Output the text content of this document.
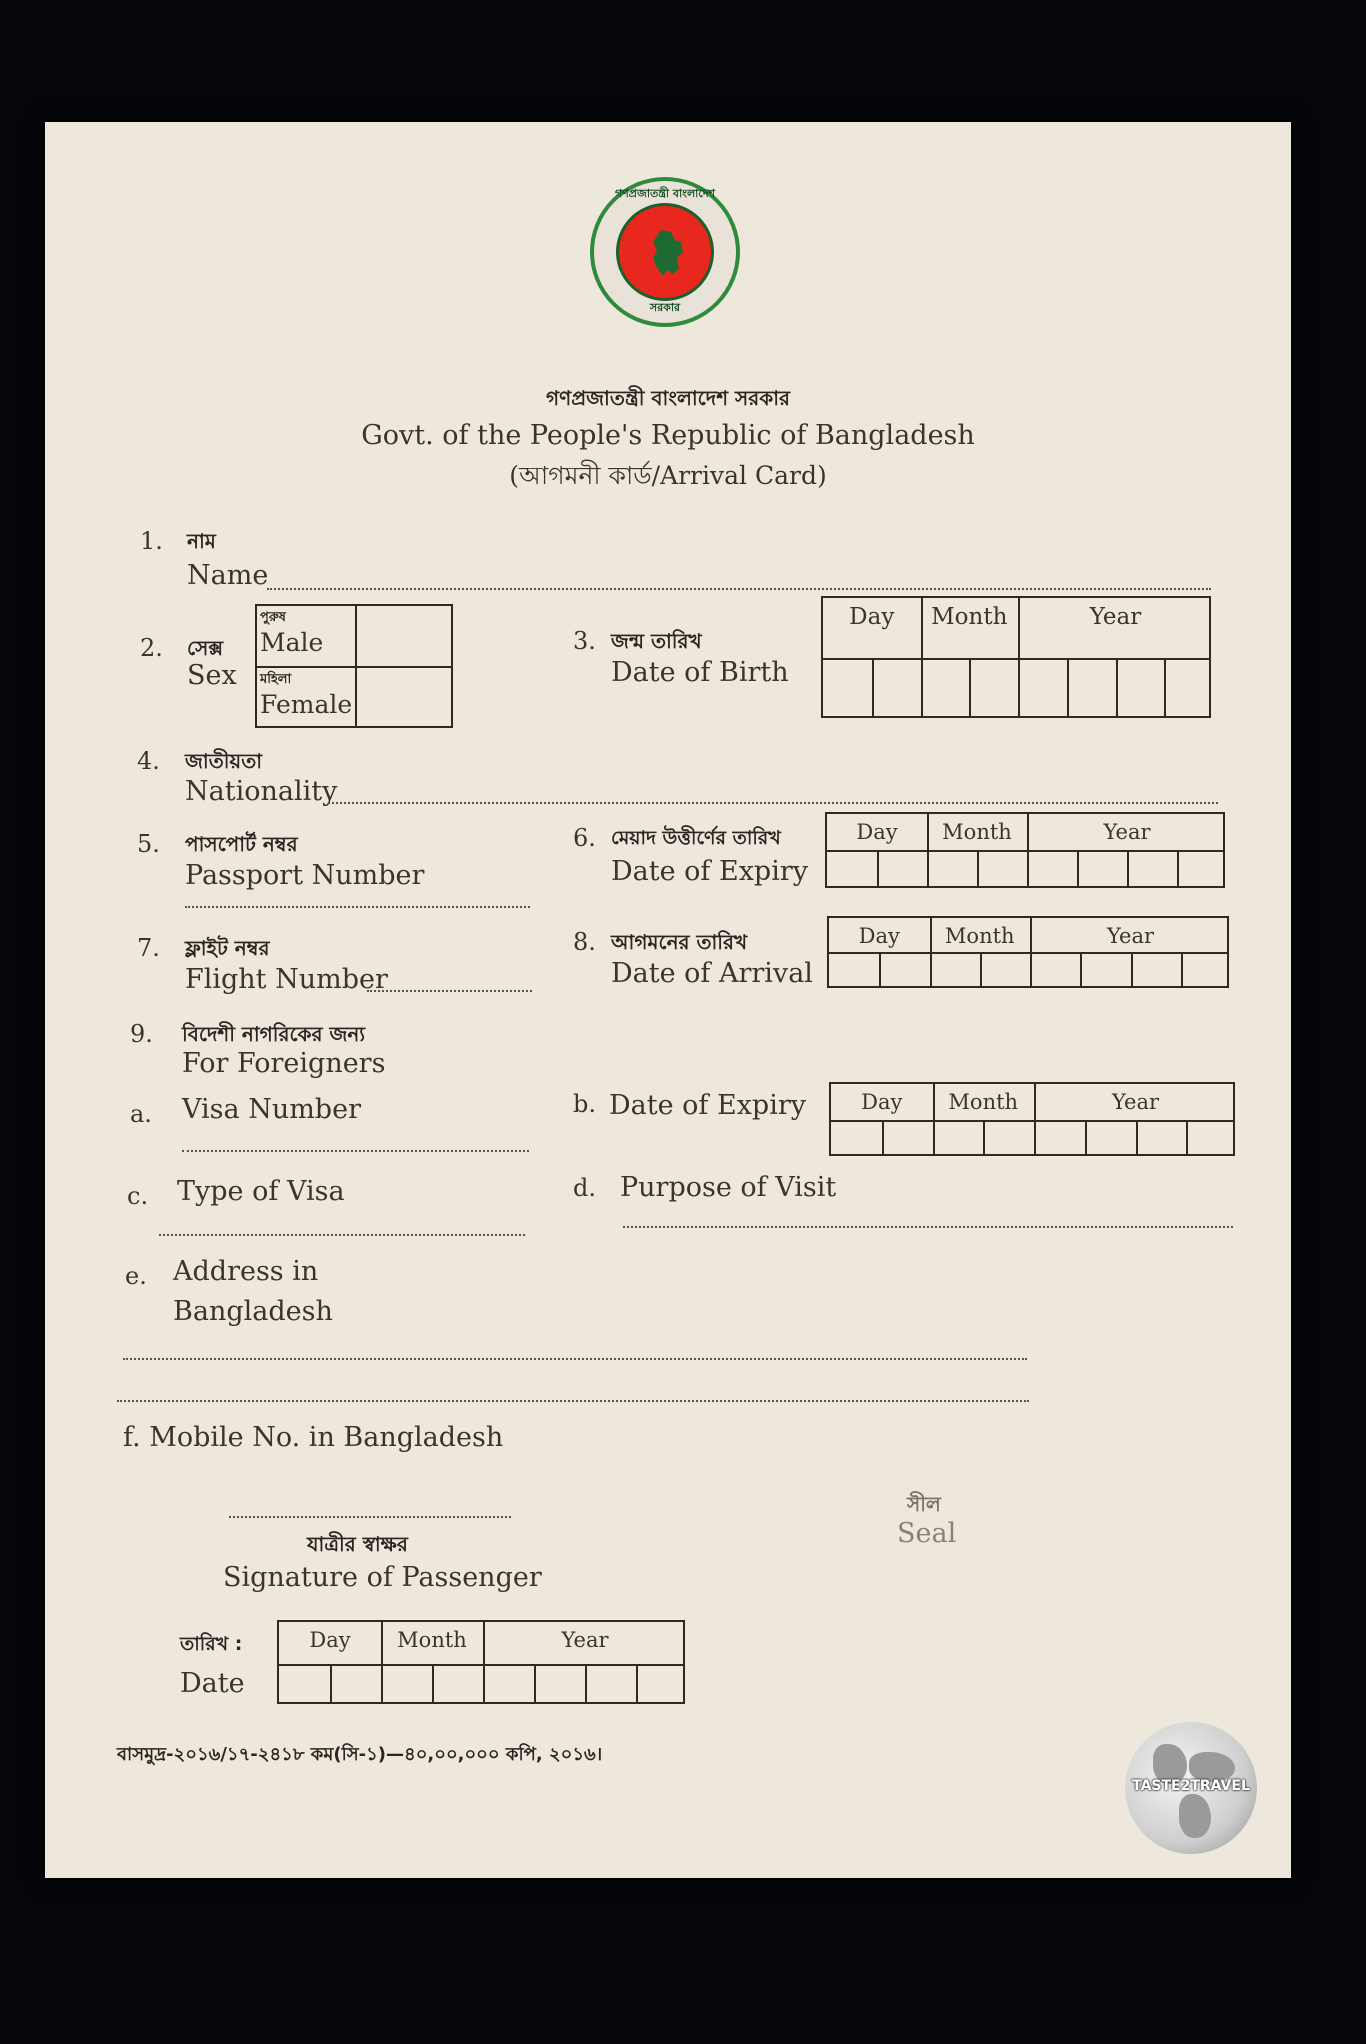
গণপ্রজাতন্ত্রী বাংলাদেশ
সরকার
গণপ্রজাতন্ত্রী বাংলাদেশ সরকার
Govt. of the People's Republic of Bangladesh
(আগমনী কার্ড/Arrival Card)
1. নাম
Name
2. সেক্স
Sex
পুরুষ
Male
মহিলা
Female
3. জন্ম তারিখ
Date of Birth
Day	Month	Year
4. জাতীয়তা
Nationality
5. পাসপোর্ট নম্বর
Passport Number
6. মেয়াদ উত্তীর্ণের তারিখ
Date of Expiry
Day	Month	Year
7. ফ্লাইট নম্বর
Flight Number
8. আগমনের তারিখ
Date of Arrival
Day	Month	Year
9. বিদেশী নাগরিকের জন্য
For Foreigners
a. Visa Number	b. Date of Expiry	Day	Month	Year
c. Type of Visa	d. Purpose of Visit
e. Address in
Bangladesh
f. Mobile No. in Bangladesh
যাত্রীর স্বাক্ষর
Signature of Passenger
সীল
Seal
তারিখ :
Date
Day	Month	Year
বাসমুদ্র-২০১৬/১৭-২৪১৮ কম(সি-১)—৪০,০০,০০০ কপি, ২০১৬।
TASTE2TRAVEL
